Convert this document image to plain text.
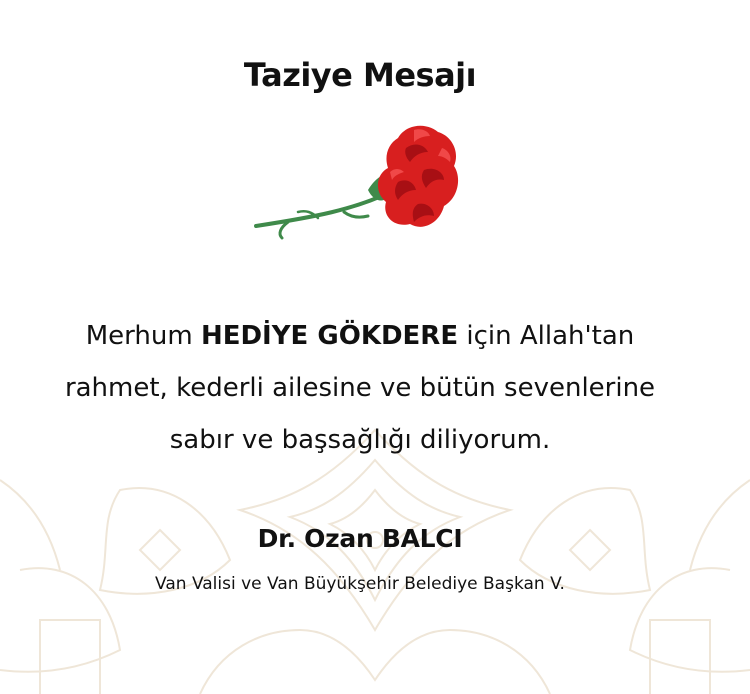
Taziye Mesajı
Merhum HEDİYE GÖKDERE için Allah'tan
rahmet, kederli ailesine ve bütün sevenlerine
sabır ve başsağlığı diliyorum.
Dr. Ozan BALCI
Van Valisi ve Van Büyükşehir Belediye Başkan V.
